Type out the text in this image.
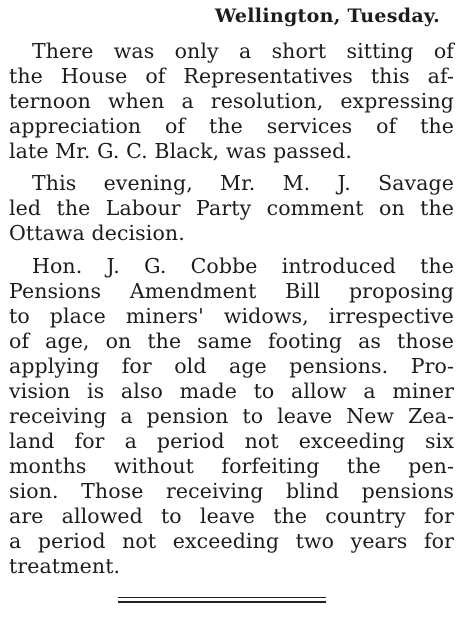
Wellington, Tuesday.
There was only a short sitting of
the House of Representatives this af-
ternoon when a resolution, expressing
appreciation of the services of the
late Mr. G. C. Black, was passed.
This evening, Mr. M. J. Savage
led the Labour Party comment on the
Ottawa decision.
Hon. J. G. Cobbe introduced the
Pensions Amendment Bill proposing
to place miners' widows, irrespective
of age, on the same footing as those
applying for old age pensions. Pro-
vision is also made to allow a miner
receiving a pension to leave New Zea-
land for a period not exceeding six
months without forfeiting the pen-
sion. Those receiving blind pensions
are allowed to leave the country for
a period not exceeding two years for
treatment.
